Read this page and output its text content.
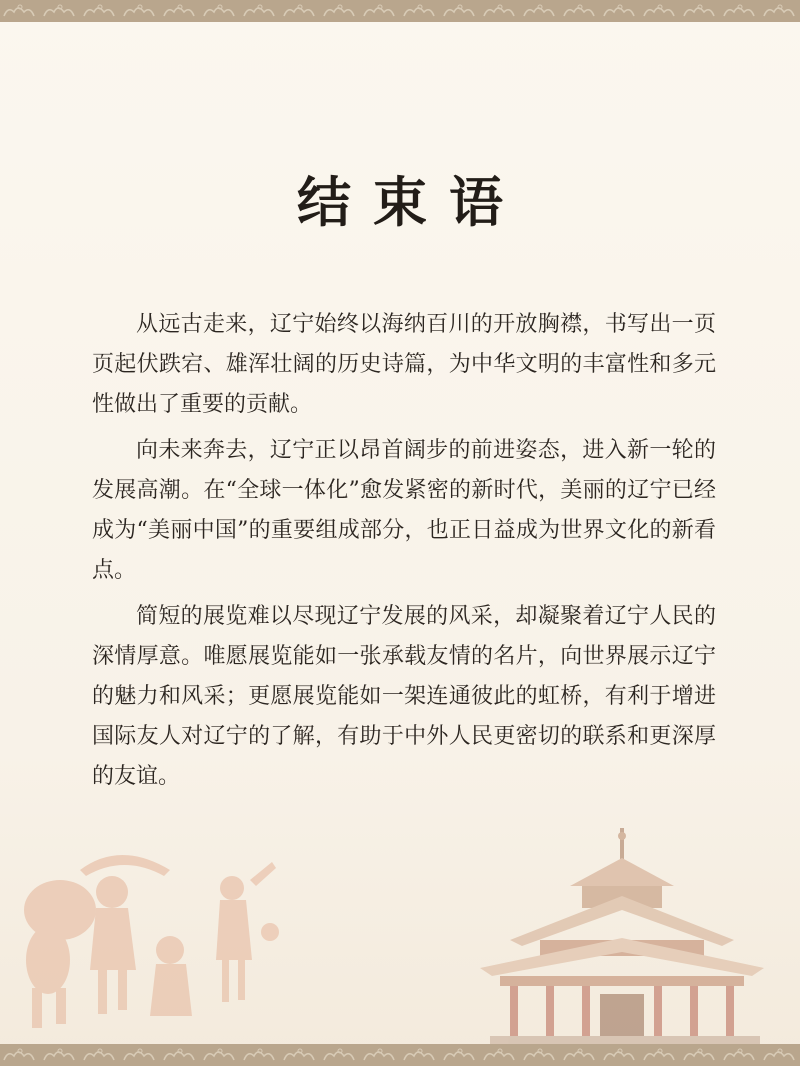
结束语

从远古走来，辽宁始终以海纳百川的开放胸襟，书写出一页页起伏跌宕、雄浑壮阔的历史诗篇，为中华文明的丰富性和多元性做出了重要的贡献。

向未来奔去，辽宁正以昂首阔步的前进姿态，进入新一轮的发展高潮。在“全球一体化”愈发紧密的新时代，美丽的辽宁已经成为“美丽中国”的重要组成部分，也正日益成为世界文化的新看点。

简短的展览难以尽现辽宁发展的风采，却凝聚着辽宁人民的深情厚意。唯愿展览能如一张承载友情的名片，向世界展示辽宁的魅力和风采；更愿展览能如一架连通彼此的虹桥，有利于增进国际友人对辽宁的了解，有助于中外人民更密切的联系和更深厚的友谊。
